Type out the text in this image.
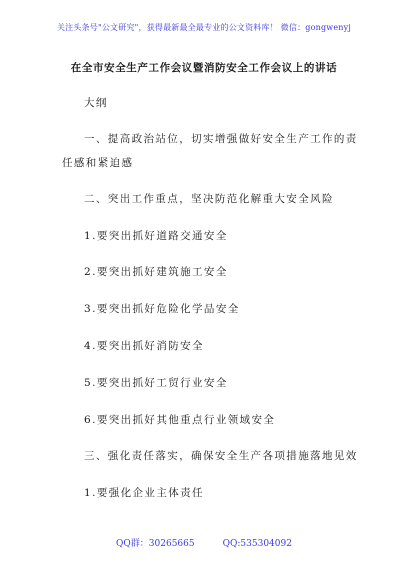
关注头条号"公文研究"，获得最新最全最专业的公文资料库！ 微信：gongwenyj
在全市安全生产工作会议暨消防安全工作会议上的讲话
大纲
一、提高政治站位，切实增强做好安全生产工作的责
任感和紧迫感
二、突出工作重点，坚决防范化解重大安全风险
1.要突出抓好道路交通安全
2.要突出抓好建筑施工安全
3.要突出抓好危险化学品安全
4.要突出抓好消防安全
5.要突出抓好工贸行业安全
6.要突出抓好其他重点行业领域安全
三、强化责任落实，确保安全生产各项措施落地见效
1.要强化企业主体责任
QQ群：30265665	QQ:535304092
